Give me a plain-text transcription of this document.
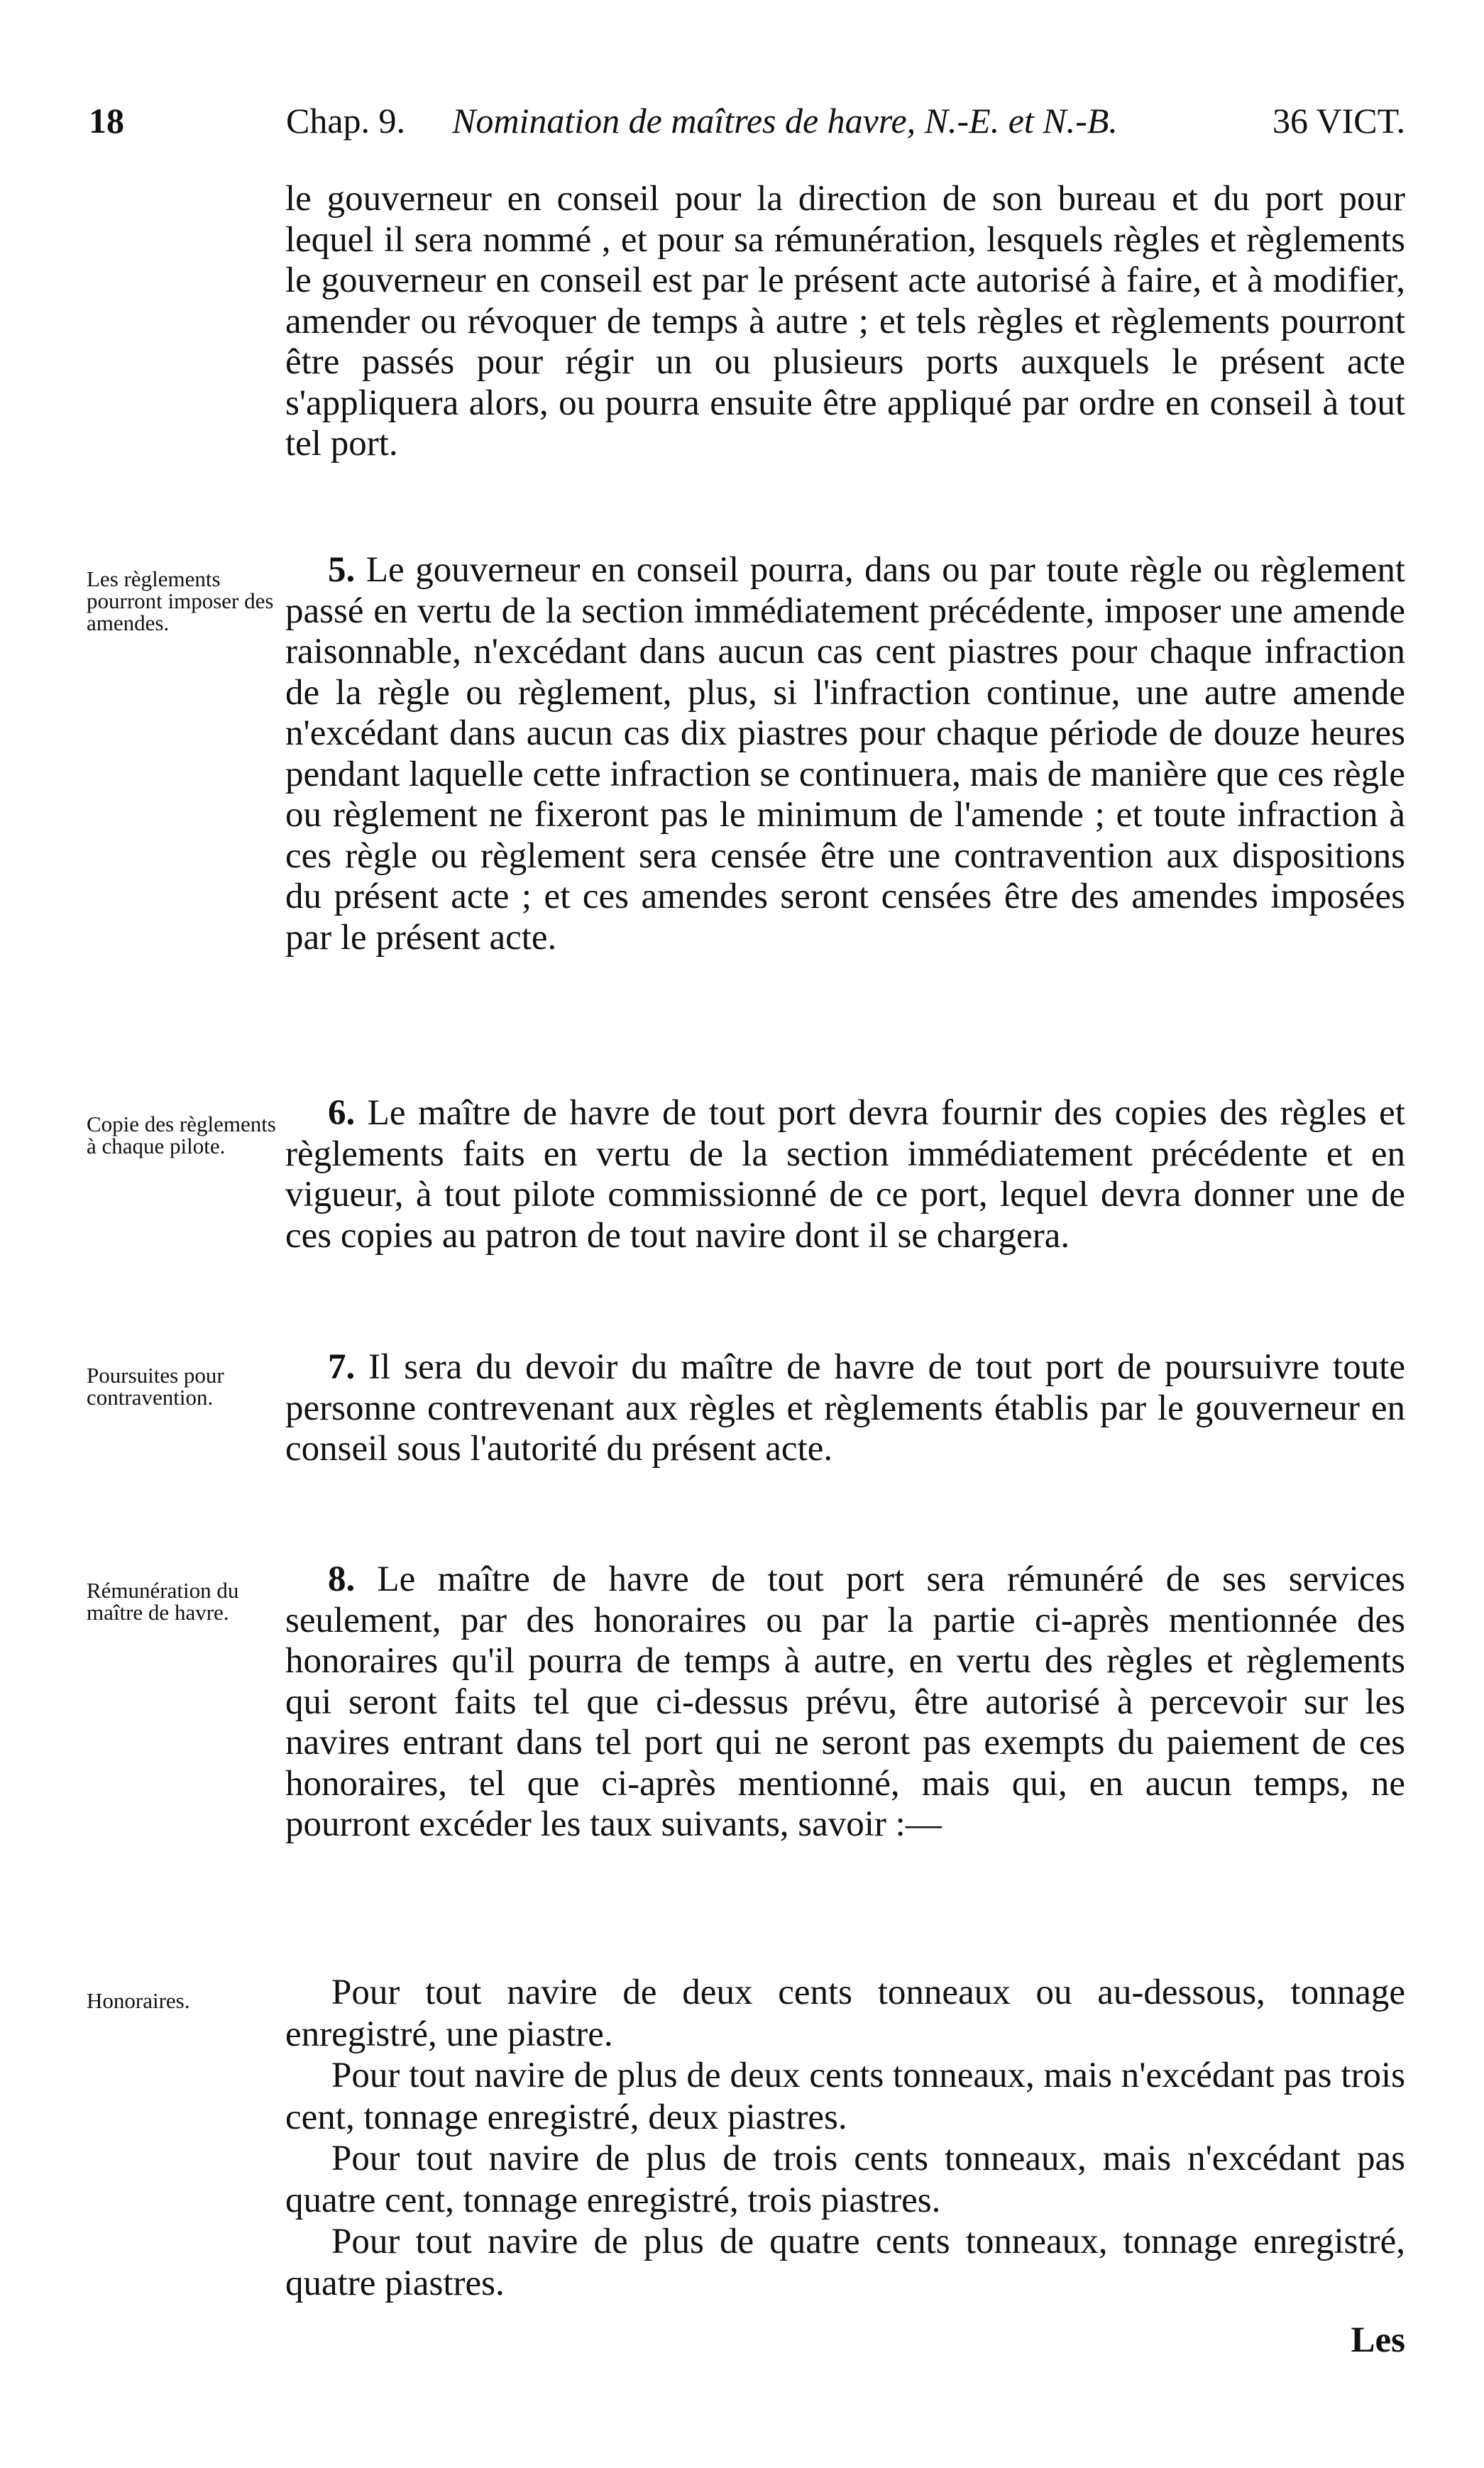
18	Chap. 9. Nomination de maîtres de havre, N.-E. et N.-B.	36 VICT.

le gouverneur en conseil pour la direction de son bureau et du port pour lequel il sera nommé , et pour sa rémunération, lesquels règles et règlements le gouverneur en conseil est par le présent acte autorisé à faire, et à modifier, amender ou révoquer de temps à autre ; et tels règles et règlements pourront être passés pour régir un ou plusieurs ports auxquels le présent acte s'appliquera alors, ou pourra ensuite être appliqué par ordre en conseil à tout tel port.

Les règlements pourront imposer des amendes.

5. Le gouverneur en conseil pourra, dans ou par toute règle ou règlement passé en vertu de la section immédiatement précédente, imposer une amende raisonnable, n'excédant dans aucun cas cent piastres pour chaque infraction de la règle ou règlement, plus, si l'infraction continue, une autre amende n'excédant dans aucun cas dix piastres pour chaque période de douze heures pendant laquelle cette infraction se continuera, mais de manière que ces règle ou règlement ne fixeront pas le minimum de l'amende ; et toute infraction à ces règle ou règlement sera censée être une contravention aux dispositions du présent acte ; et ces amendes seront censées être des amendes imposées par le présent acte.

Copie des règlements à chaque pilote.

6. Le maître de havre de tout port devra fournir des copies des règles et règlements faits en vertu de la section immédiatement précédente et en vigueur, à tout pilote commissionné de ce port, lequel devra donner une de ces copies au patron de tout navire dont il se chargera.

Poursuites pour contravention.

7. Il sera du devoir du maître de havre de tout port de poursuivre toute personne contrevenant aux règles et règlements établis par le gouverneur en conseil sous l'autorité du présent acte.

Rémunération du maître de havre.

8. Le maître de havre de tout port sera rémunéré de ses services seulement, par des honoraires ou par la partie ci-après mentionnée des honoraires qu'il pourra de temps à autre, en vertu des règles et règlements qui seront faits tel que ci-dessus prévu, être autorisé à percevoir sur les navires entrant dans tel port qui ne seront pas exempts du paiement de ces honoraires, tel que ci-après mentionné, mais qui, en aucun temps, ne pourront excéder les taux suivants, savoir :—

Honoraires.	Pour tout navire de deux cents tonneaux ou au-dessous, tonnage enregistré, une piastre.

Pour tout navire de plus de deux cents tonneaux, mais n'excédant pas trois cent, tonnage enregistré, deux piastres.

Pour tout navire de plus de trois cents tonneaux, mais n'excédant pas quatre cent, tonnage enregistré, trois piastres.

Pour tout navire de plus de quatre cents tonneaux, tonnage enregistré, quatre piastres.

Les
